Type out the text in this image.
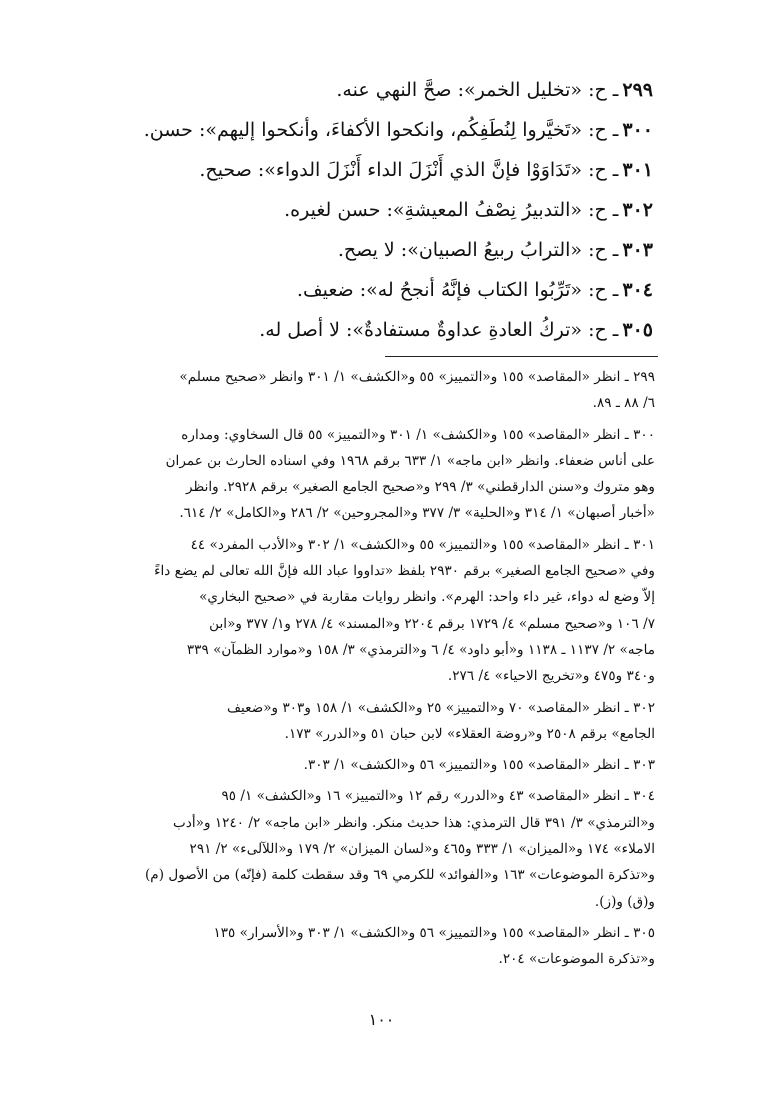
٢٩٩ـ ح: «تخليل الخمر»: صحَّ النهي عنه.
٣٠٠ـ ح: «تَخيَّروا لِنُطَفِكُم، وانكحوا الأكفاءَ، وأنكحوا إليهم»: حسن.
٣٠١ـ ح: «تَدَاوَوْا فإنَّ الذي أَنْزَلَ الداء أَنْزَلَ الدواء»: صحيح.
٣٠٢ـ ح: «التدبيرُ نِصْفُ المعيشةِ»: حسن لغيره.
٣٠٣ـ ح: «الترابُ ربيعُ الصبيان»: لا يصح.
٣٠٤ـ ح: «تَرِّبُوا الكتاب فإنَّهُ أنجحُ له»: ضعيف.
٣٠٥ـ ح: «تركُ العادةِ عداوةٌ مستفادةٌ»: لا أصل له.
٢٩٩ ـ انظر «المقاصد» ١٥٥ و«التمييز» ٥٥ و«الكشف» ١/ ٣٠١ وانظر «صحيح مسلم»
٦/ ٨٨ ـ ٨٩.
٣٠٠ ـ انظر «المقاصد» ١٥٥ و«الكشف» ١/ ٣٠١ و«التمييز» ٥٥ قال السخاوي: ومداره
على أناس ضعفاء. وانظر «ابن ماجه» ١/ ٦٣٣ برقم ١٩٦٨ وفي اسناده الحارث بن عمران
وهو متروك و«سنن الدارقطني» ٣/ ٢٩٩ و«صحيح الجامع الصغير» برقم ٢٩٢٨. وانظر
«أخبار أصبهان» ١/ ٣١٤ و«الحلية» ٣/ ٣٧٧ و«المجروحين» ٢/ ٢٨٦ و«الكامل» ٢/ ٦١٤.
٣٠١ ـ انظر «المقاصد» ١٥٥ و«التمييز» ٥٥ و«الكشف» ١/ ٣٠٢ و«الأدب المفرد» ٤٤
وفي «صحيح الجامع الصغير» برقم ٢٩٣٠ بلفظ «تداووا عباد الله فإنَّ الله تعالى لم يضع داءً
إلاّ وضع له دواء، غير داء واحد: الهرم». وانظر روايات مقاربة في «صحيح البخاري»
٧/ ١٠٦ و«صحيح مسلم» ٤/ ١٧٢٩ برقم ٢٢٠٤ و«المسند» ٤/ ٢٧٨ و١/ ٣٧٧ و«ابن
ماجه» ٢/ ١١٣٧ ـ ١١٣٨ و«أبو داود» ٤/ ٦ و«الترمذي» ٣/ ١٥٨ و«موارد الظمآن» ٣٣٩
و٣٤٠ و٤٧٥ و«تخريج الاحياء» ٤/ ٢٧٦.
٣٠٢ ـ انظر «المقاصد» ٧٠ و«التمييز» ٢٥ و«الكشف» ١/ ١٥٨ و٣٠٣ و«ضعيف
الجامع» برقم ٢٥٠٨ و«روضة العقلاء» لابن حبان ٥١ و«الدرر» ١٧٣.
٣٠٣ ـ انظر «المقاصد» ١٥٥ و«التمييز» ٥٦ و«الكشف» ١/ ٣٠٣.
٣٠٤ ـ انظر «المقاصد» ٤٣ و«الدرر» رقم ١٢ و«التمييز» ١٦ و«الكشف» ١/ ٩٥
و«الترمذي» ٣/ ٣٩١ قال الترمذي: هذا حديث منكر. وانظر «ابن ماجه» ٢/ ١٢٤٠ و«أدب
الاملاء» ١٧٤ و«الميزان» ١/ ٣٣٣ و٤٦٥ و«لسان الميزان» ٢/ ١٧٩ و«اللآلىء» ٢/ ٢٩١
و«تذكرة الموضوعات» ١٦٣ و«الفوائد» للكرمي ٦٩ وقد سقطت كلمة (فإنّه) من الأصول (م)
و(ق) و(ز).
٣٠٥ ـ انظر «المقاصد» ١٥٥ و«التمييز» ٥٦ و«الكشف» ١/ ٣٠٣ و«الأسرار» ١٣٥
و«تذكرة الموضوعات» ٢٠٤.
١٠٠
